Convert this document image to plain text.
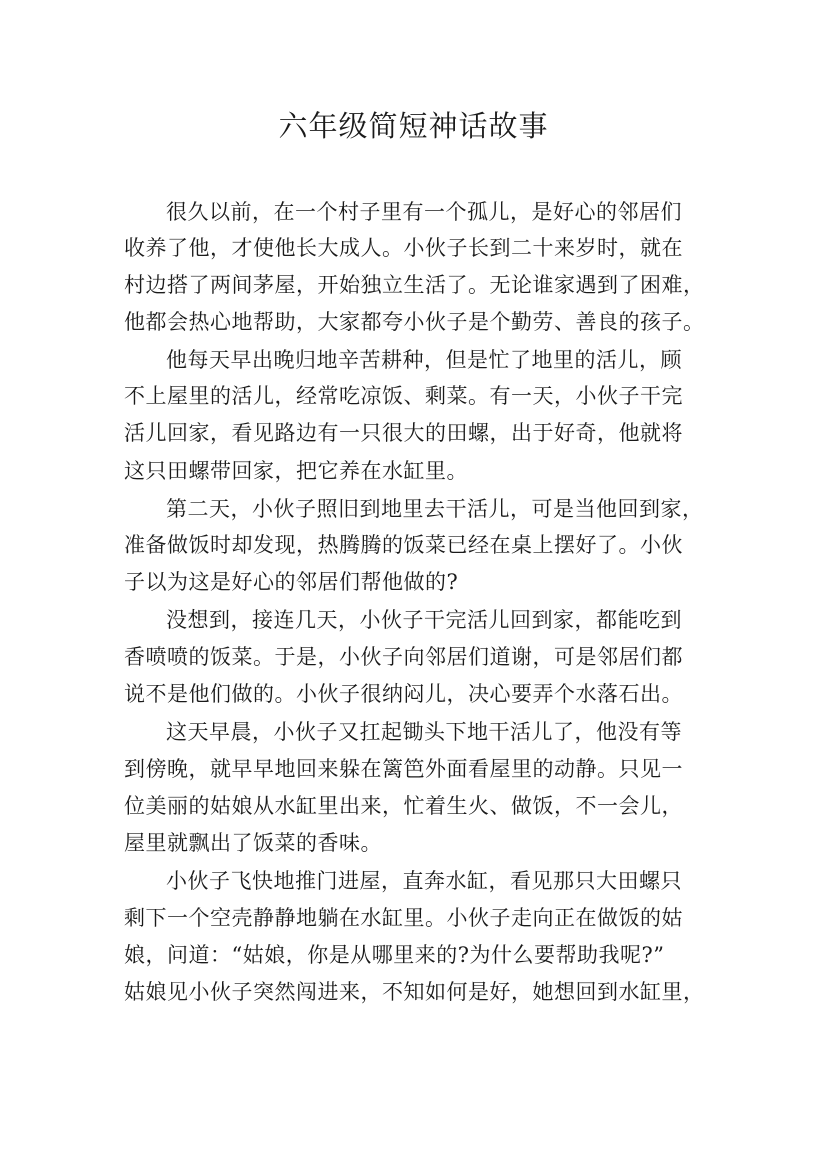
六年级简短神话故事
很久以前，在一个村子里有一个孤儿，是好心的邻居们
收养了他，才使他长大成人。小伙子长到二十来岁时，就在
村边搭了两间茅屋，开始独立生活了。无论谁家遇到了困难，
他都会热心地帮助，大家都夸小伙子是个勤劳、善良的孩子。
他每天早出晚归地辛苦耕种，但是忙了地里的活儿，顾
不上屋里的活儿，经常吃凉饭、剩菜。有一天，小伙子干完
活儿回家，看见路边有一只很大的田螺，出于好奇，他就将
这只田螺带回家，把它养在水缸里。
第二天，小伙子照旧到地里去干活儿，可是当他回到家，
准备做饭时却发现，热腾腾的饭菜已经在桌上摆好了。小伙
子以为这是好心的邻居们帮他做的?
没想到，接连几天，小伙子干完活儿回到家，都能吃到
香喷喷的饭菜。于是，小伙子向邻居们道谢，可是邻居们都
说不是他们做的。小伙子很纳闷儿，决心要弄个水落石出。
这天早晨，小伙子又扛起锄头下地干活儿了，他没有等
到傍晚，就早早地回来躲在篱笆外面看屋里的动静。只见一
位美丽的姑娘从水缸里出来，忙着生火、做饭，不一会儿，
屋里就飘出了饭菜的香味。
小伙子飞快地推门进屋，直奔水缸，看见那只大田螺只
剩下一个空壳静静地躺在水缸里。小伙子走向正在做饭的姑
娘，问道：“姑娘，你是从哪里来的?为什么要帮助我呢?”
姑娘见小伙子突然闯进来，不知如何是好，她想回到水缸里，
